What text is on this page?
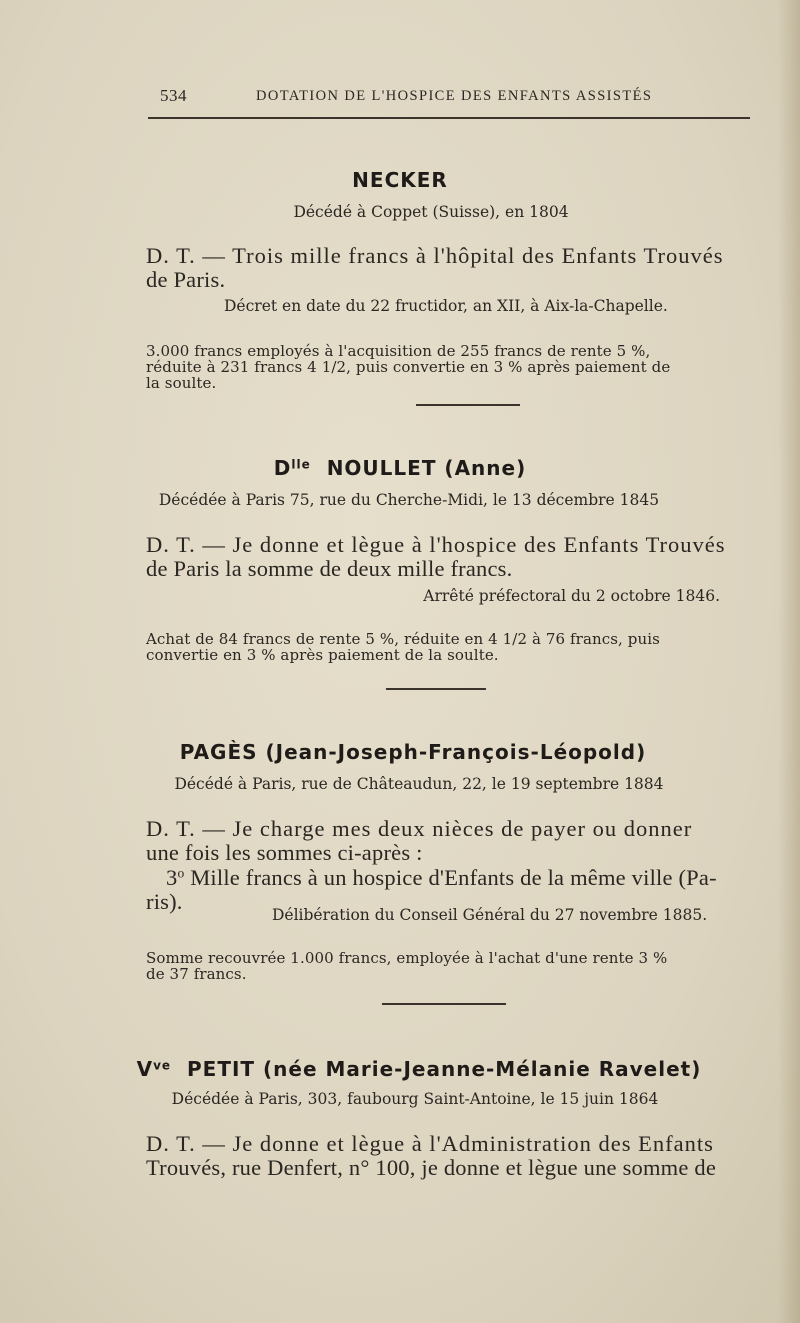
534	DOTATION DE L'HOSPICE DES ENFANTS ASSISTÉS
NECKER
Décédé à Coppet (Suisse), en 1804
D. T. — Trois mille francs à l'hôpital des Enfants Trouvés
de Paris.
Décret en date du 22 fructidor, an XII, à Aix-la-Chapelle.
3.000 francs employés à l'acquisition de 255 francs de rente 5 %,
réduite à 231 francs 4 1/2, puis convertie en 3 % après paiement de
la soulte.
$D^{lle}$ NOULLET (Anne)
Décédée à Paris 75, rue du Cherche-Midi, le 13 décembre 1845
D. T. — Je donne et lègue à l'hospice des Enfants Trouvés
de Paris la somme de deux mille francs.
Arrêté préfectoral du 2 octobre 1846.
Achat de 84 francs de rente 5 %, réduite en 4 1/2 à 76 francs, puis
convertie en 3 % après paiement de la soulte.
PAGÈS (Jean-Joseph-François-Léopold)
Décédé à Paris, rue de Châteaudun, 22, le 19 septembre 1884
D. T. — Je charge mes deux nièces de payer ou donner
une fois les sommes ci-après :
3$^o$ Mille francs à un hospice d'Enfants de la même ville (Pa-
ris).
Délibération du Conseil Général du 27 novembre 1885.
Somme recouvrée 1.000 francs, employée à l'achat d'une rente 3 %
de 37 francs.
$V^{ve}$ PETIT (née Marie-Jeanne-Mélanie Ravelet)
Décédée à Paris, 303, faubourg Saint-Antoine, le 15 juin 1864
D. T. — Je donne et lègue à l'Administration des Enfants
Trouvés, rue Denfert, n° 100, je donne et lègue une somme de
